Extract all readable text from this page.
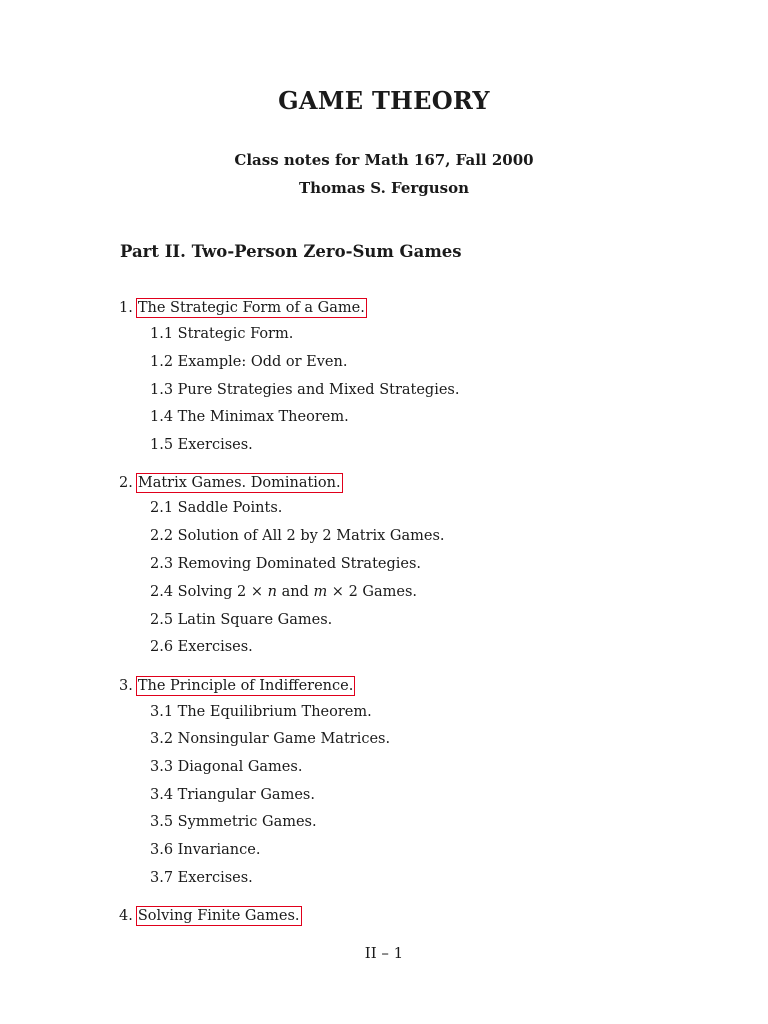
GAME THEORY
Class notes for Math 167, Fall 2000
Thomas S. Ferguson
Part II. Two-Person Zero-Sum Games
1. The Strategic Form of a Game.
1.1 Strategic Form.
1.2 Example: Odd or Even.
1.3 Pure Strategies and Mixed Strategies.
1.4 The Minimax Theorem.
1.5 Exercises.
2. Matrix Games. Domination.
2.1 Saddle Points.
2.2 Solution of All 2 by 2 Matrix Games.
2.3 Removing Dominated Strategies.
2.4 Solving 2 × n and m × 2 Games.
2.5 Latin Square Games.
2.6 Exercises.
3. The Principle of Indifference.
3.1 The Equilibrium Theorem.
3.2 Nonsingular Game Matrices.
3.3 Diagonal Games.
3.4 Triangular Games.
3.5 Symmetric Games.
3.6 Invariance.
3.7 Exercises.
4. Solving Finite Games.
II – 1
